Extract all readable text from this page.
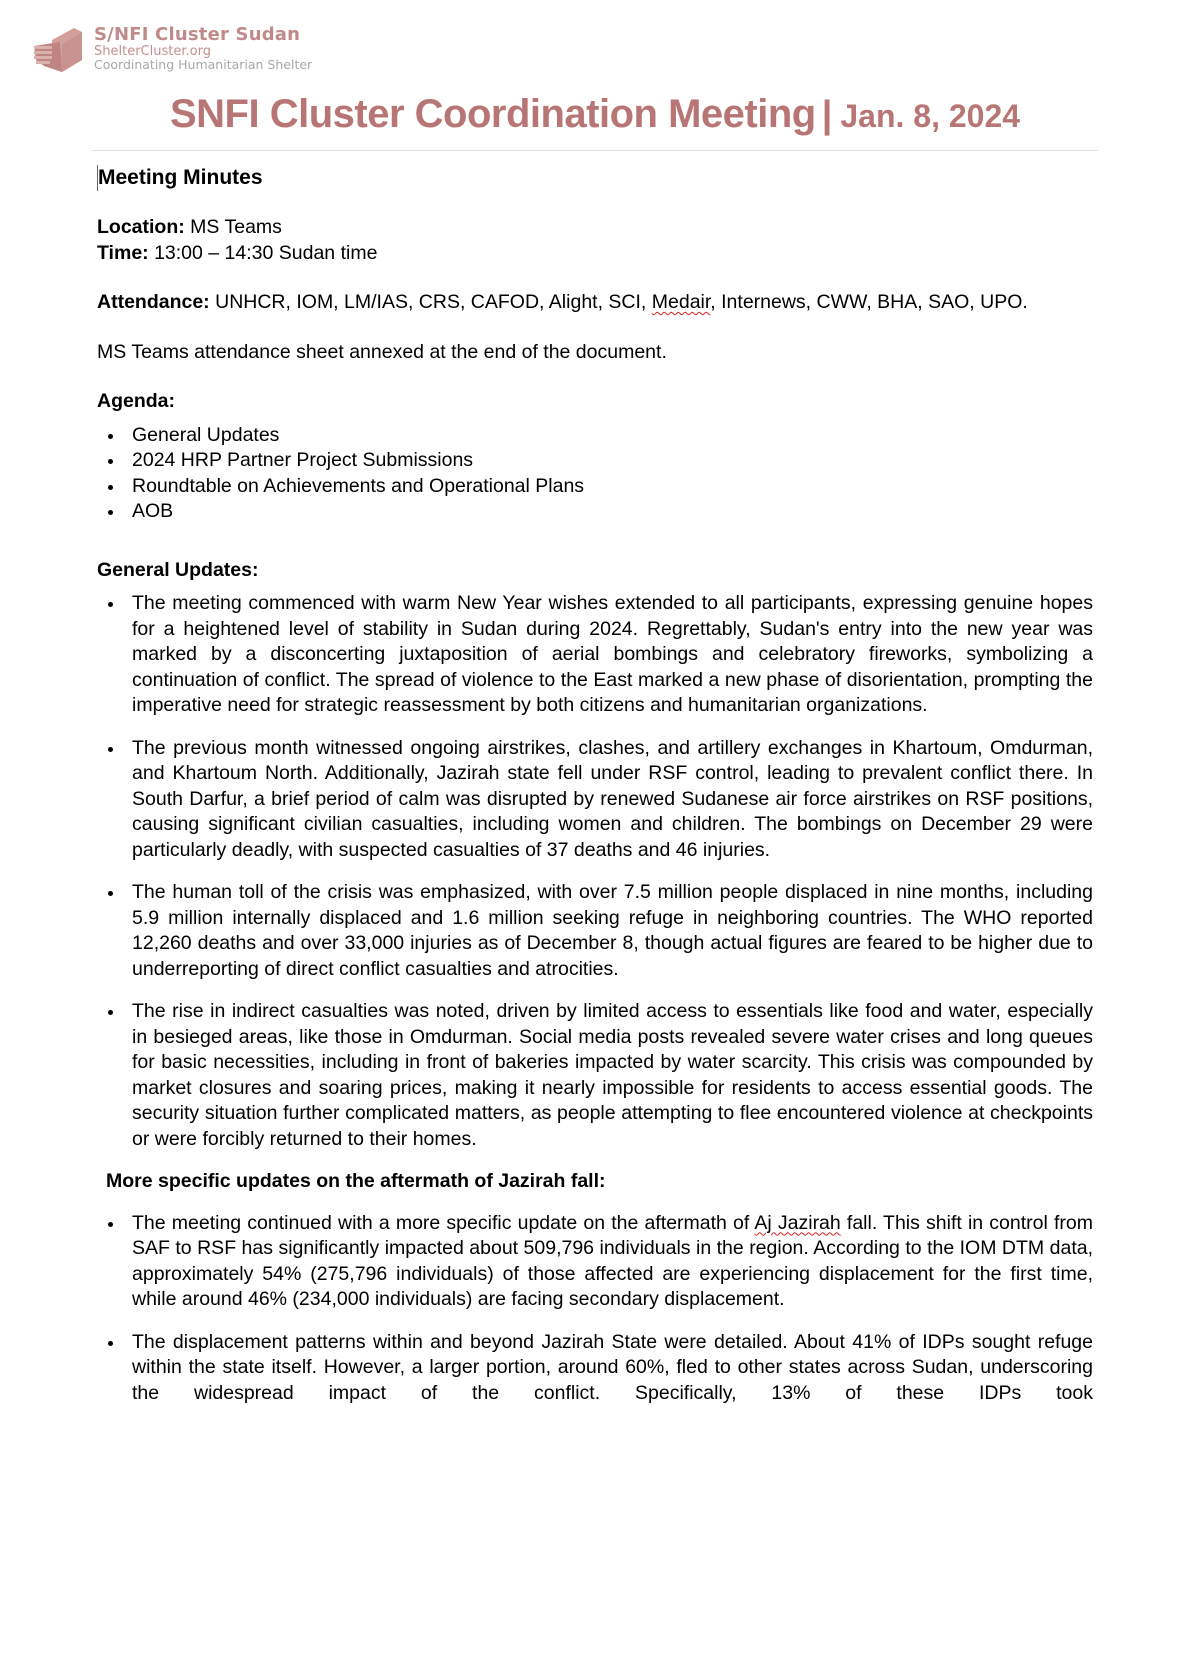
S/NFI Cluster Sudan
ShelterCluster.org
Coordinating Humanitarian Shelter
SNFI Cluster Coordination Meeting | Jan. 8, 2024

Meeting Minutes

Location: MS Teams

Time: 13:00 – 14:30 Sudan time

Attendance: UNHCR, IOM, LM/IAS, CRS, CAFOD, Alight, SCI, Medair, Internews, CWW, BHA, SAO, UPO.

MS Teams attendance sheet annexed at the end of the document.

Agenda:

General Updates
2024 HRP Partner Project Submissions
Roundtable on Achievements and Operational Plans
AOB

General Updates:

The meeting commenced with warm New Year wishes extended to all participants, expressing genuine hopes for a heightened level of stability in Sudan during 2024. Regrettably, Sudan's entry into the new year was marked by a disconcerting juxtaposition of aerial bombings and celebratory fireworks, symbolizing a continuation of conflict. The spread of violence to the East marked a new phase of disorientation, prompting the imperative need for strategic reassessment by both citizens and humanitarian organizations.
The previous month witnessed ongoing airstrikes, clashes, and artillery exchanges in Khartoum, Omdurman, and Khartoum North. Additionally, Jazirah state fell under RSF control, leading to prevalent conflict there. In South Darfur, a brief period of calm was disrupted by renewed Sudanese air force airstrikes on RSF positions, causing significant civilian casualties, including women and children. The bombings on December 29 were particularly deadly, with suspected casualties of 37 deaths and 46 injuries.
The human toll of the crisis was emphasized, with over 7.5 million people displaced in nine months, including 5.9 million internally displaced and 1.6 million seeking refuge in neighboring countries. The WHO reported 12,260 deaths and over 33,000 injuries as of December 8, though actual figures are feared to be higher due to underreporting of direct conflict casualties and atrocities.
The rise in indirect casualties was noted, driven by limited access to essentials like food and water, especially in besieged areas, like those in Omdurman. Social media posts revealed severe water crises and long queues for basic necessities, including in front of bakeries impacted by water scarcity. This crisis was compounded by market closures and soaring prices, making it nearly impossible for residents to access essential goods. The security situation further complicated matters, as people attempting to flee encountered violence at checkpoints or were forcibly returned to their homes.

More specific updates on the aftermath of Jazirah fall:

The meeting continued with a more specific update on the aftermath of Aj Jazirah fall. This shift in control from SAF to RSF has significantly impacted about 509,796 individuals in the region. According to the IOM DTM data, approximately 54% (275,796 individuals) of those affected are experiencing displacement for the first time, while around 46% (234,000 individuals) are facing secondary displacement.
The displacement patterns within and beyond Jazirah State were detailed. About 41% of IDPs sought refuge within the state itself. However, a larger portion, around 60%, fled to other states across Sudan, underscoring the widespread impact of the conflict. Specifically, 13% of these IDPs took
